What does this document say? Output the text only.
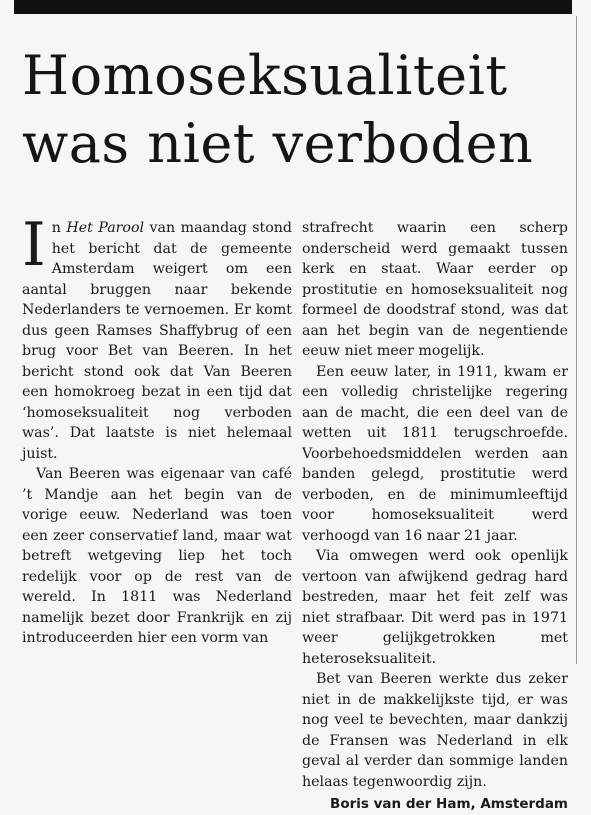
Homoseksualiteit
was niet verboden

In Het Parool van maandag stond het bericht dat de gemeente Amsterdam weigert om een aantal bruggen naar bekende Nederlanders te vernoemen. Er komt dus geen Ramses Shaffybrug of een brug voor Bet van Beeren. In het bericht stond ook dat Van Beeren een homokroeg bezat in een tijd dat ‘homoseksualiteit nog verboden was’. Dat laatste is niet helemaal juist.

Van Beeren was eigenaar van café ’t Mandje aan het begin van de vorige eeuw. Nederland was toen een zeer conservatief land, maar wat betreft wetgeving liep het toch redelijk voor op de rest van de wereld. In 1811 was Nederland namelijk bezet door Frankrijk en zij introduceerden hier een vorm van

strafrecht waarin een scherp onderscheid werd gemaakt tussen kerk en staat. Waar eerder op prostitutie en homoseksualiteit nog formeel de doodstraf stond, was dat aan het begin van de negentiende eeuw niet meer mogelijk.

Een eeuw later, in 1911, kwam er een volledig christelijke regering aan de macht, die een deel van de wetten uit 1811 terugschroefde. Voorbehoedsmiddelen werden aan banden gelegd, prostitutie werd verboden, en de minimumleeftijd voor homoseksualiteit werd verhoogd van 16 naar 21 jaar.

Via omwegen werd ook openlijk vertoon van afwijkend gedrag hard bestreden, maar het feit zelf was niet strafbaar. Dit werd pas in 1971 weer gelijkgetrokken met heteroseksualiteit.

Bet van Beeren werkte dus zeker niet in de makkelijkste tijd, er was nog veel te bevechten, maar dankzij de Fransen was Nederland in elk geval al verder dan sommige landen helaas tegenwoordig zijn.

Boris van der Ham, Amsterdam
